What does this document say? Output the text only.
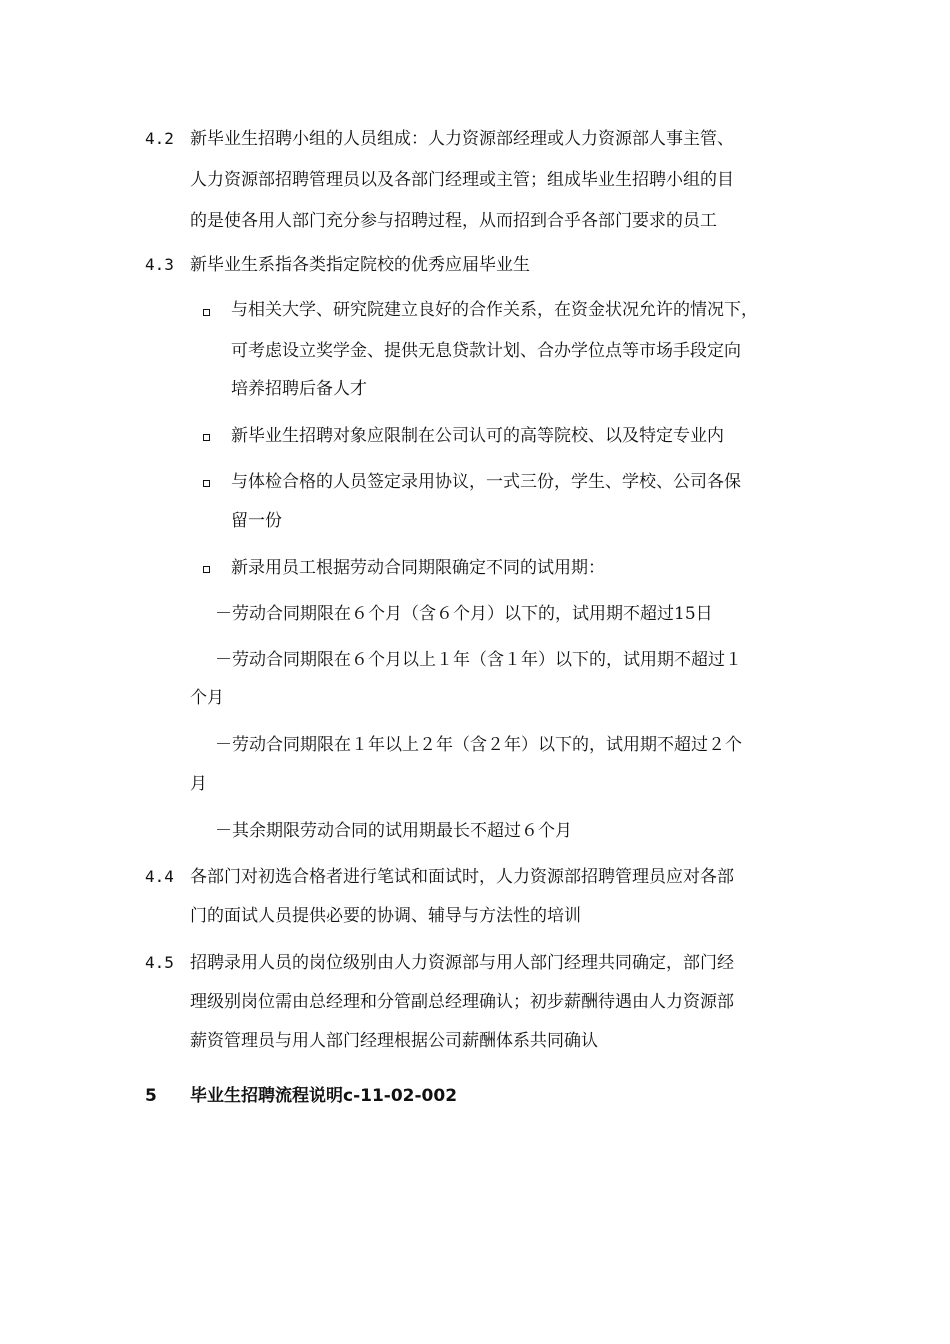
4.2 新毕业生招聘小组的人员组成：人力资源部经理或人力资源部人事主管、
人力资源部招聘管理员以及各部门经理或主管；组成毕业生招聘小组的目
的是使各用人部门充分参与招聘过程，从而招到合乎各部门要求的员工
4.3 新毕业生系指各类指定院校的优秀应届毕业生
与相关大学、研究院建立良好的合作关系，在资金状况允许的情况下，
可考虑设立奖学金、提供无息贷款计划、合办学位点等市场手段定向
培养招聘后备人才
新毕业生招聘对象应限制在公司认可的高等院校、以及特定专业内
与体检合格的人员签定录用协议，一式三份，学生、学校、公司各保
留一份
新录用员工根据劳动合同期限确定不同的试用期：
－劳动合同期限在６个月（含６个月）以下的，试用期不超过15日
－劳动合同期限在６个月以上１年（含１年）以下的，试用期不超过１
个月
－劳动合同期限在１年以上２年（含２年）以下的，试用期不超过２个
月
－其余期限劳动合同的试用期最长不超过６个月
4.4 各部门对初选合格者进行笔试和面试时，人力资源部招聘管理员应对各部
门的面试人员提供必要的协调、辅导与方法性的培训
4.5 招聘录用人员的岗位级别由人力资源部与用人部门经理共同确定，部门经
理级别岗位需由总经理和分管副总经理确认；初步薪酬待遇由人力资源部
薪资管理员与用人部门经理根据公司薪酬体系共同确认
5 毕业生招聘流程说明c-11-02-002
